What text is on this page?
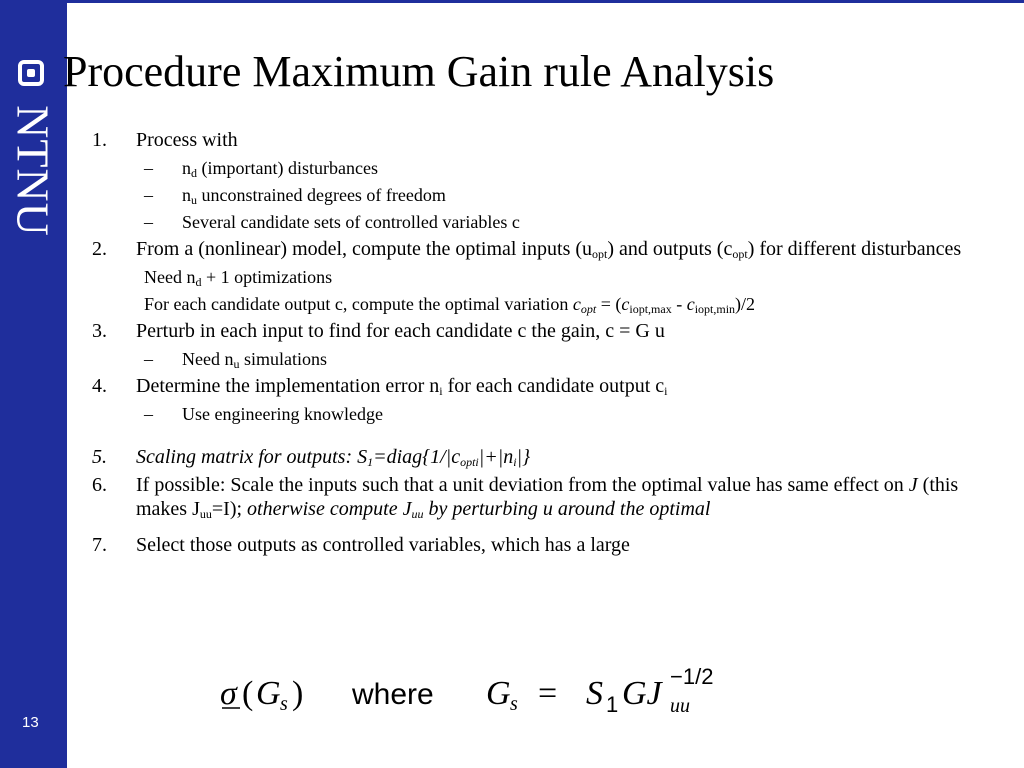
NTNU
13
Procedure Maximum Gain rule Analysis
1. Process with
– $n_d$ (important) disturbances
– $n_u$ unconstrained degrees of freedom
– Several candidate sets of controlled variables c
2. From a (nonlinear) model, compute the optimal inputs $(u_{opt})$ and outputs $(c_{opt})$ for different disturbances
Need $n_d + 1$ optimizations
For each candidate output c, compute the optimal variation $c_{opt} = (c_{iopt,max} - c_{iopt,min})/2$
3. Perturb in each input to find for each candidate c the gain, c = G u
– Need $n_u$ simulations
4. Determine the implementation error $n_i$ for each candidate output $c_i$
– Use engineering knowledge
5. Scaling matrix for outputs: $S_1=diag\{1/|c_{opti}|+|n_i|\}$
6. If possible: Scale the inputs such that a unit deviation from the optimal value has same effect on J (this makes $J_{uu}=I$); otherwise compute $J_{uu}$ by perturbing u around the optimal
7. Select those outputs as controlled variables, which has a large
σ ( G s ) where G s = S 1 GJ uu
−1/2
